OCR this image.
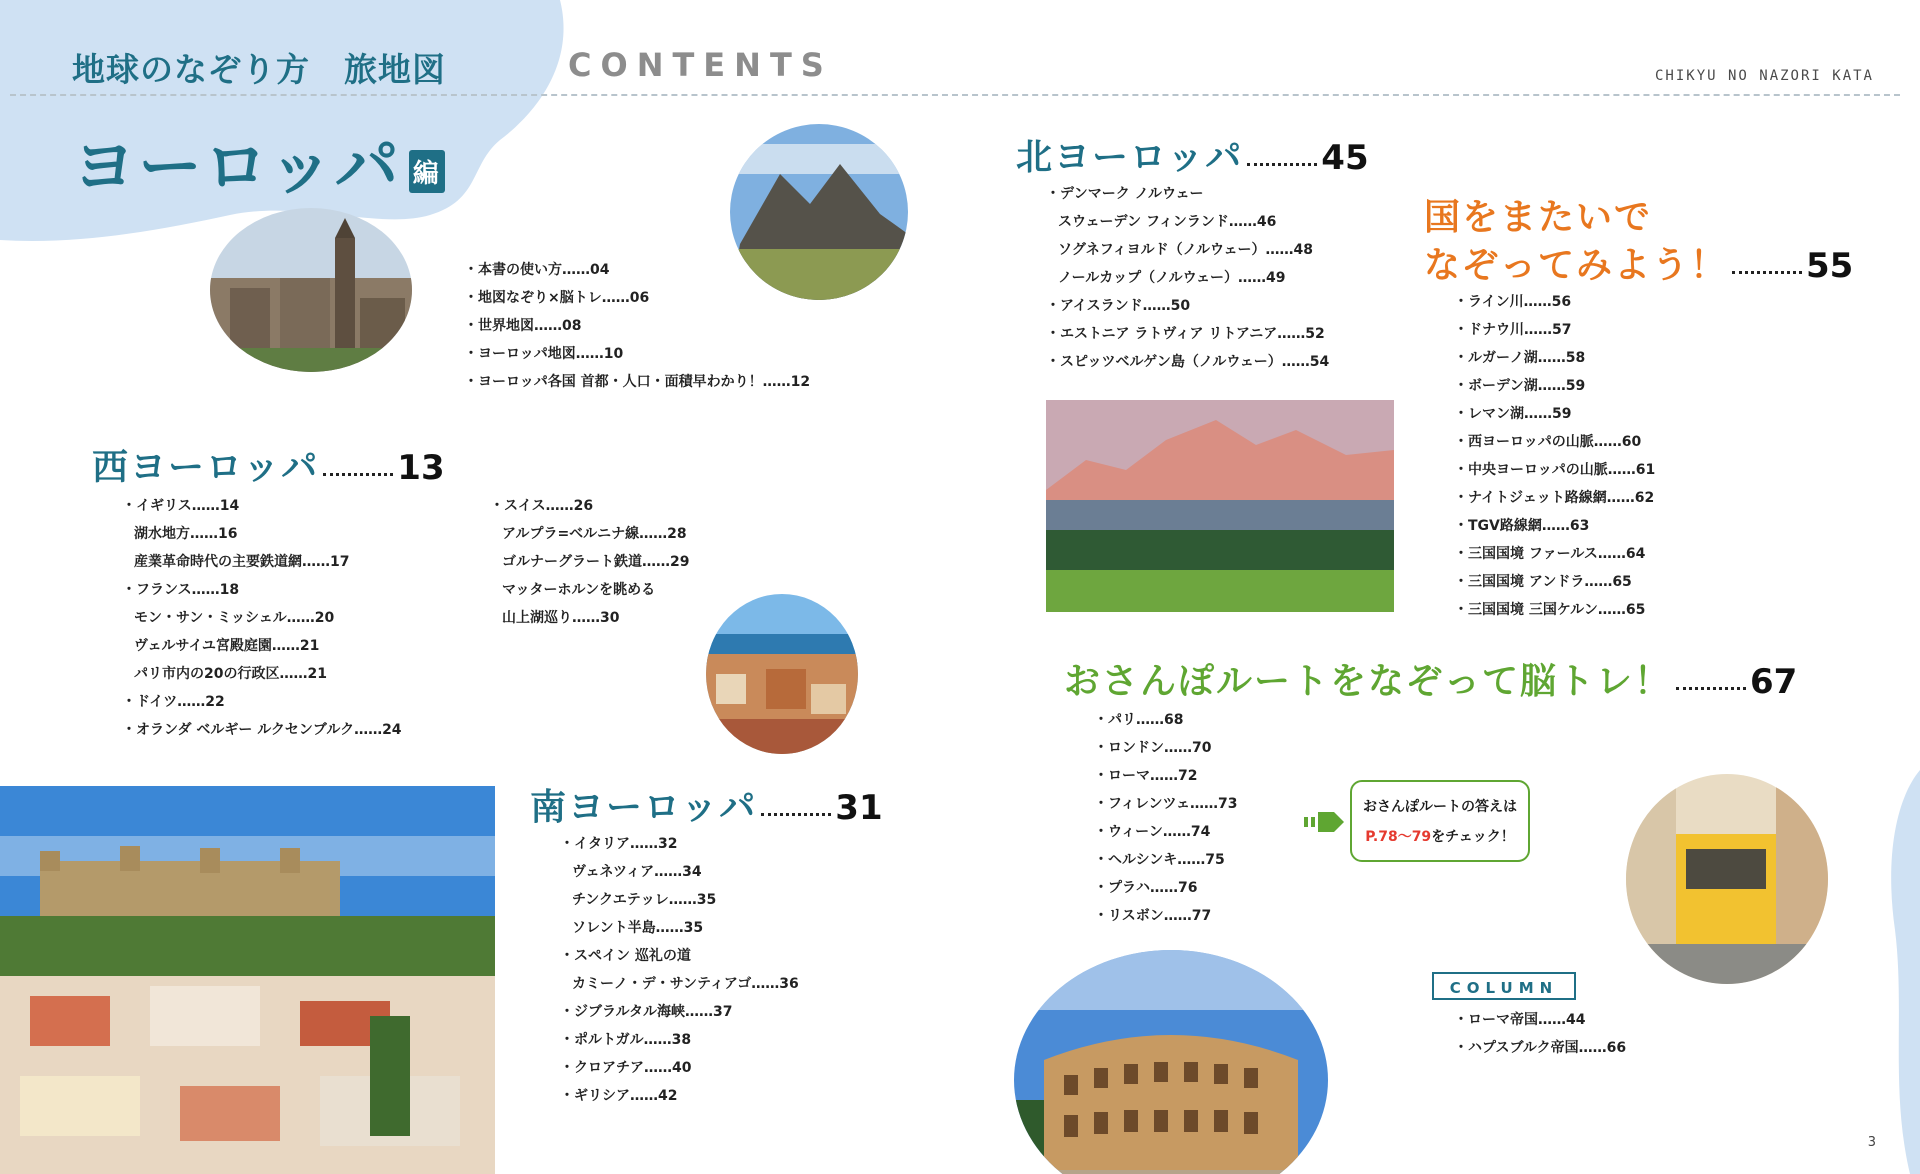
地球のなぞり方　旅地図	CONTENTS	CHIKYU NO NAZORI KATA
ヨーロッパ 編
・ 本書の使い方……04
・ 地図なぞり×脳トレ……06
・ 世界地図……08
・ ヨーロッパ地図……10
・ ヨーロッパ各国 首都・人口・面積早わかり！……12
西ヨーロッパ 13
・ イギリス……14
湖水地方……16
産業革命時代の主要鉄道網……17
・ フランス……18
モン・サン・ミッシェル……20
ヴェルサイユ宮殿庭園……21
パリ市内の20の行政区……21
・ ドイツ……22
・ オランダ ベルギー ルクセンブルク……24
・ スイス……26
アルプラ=ベルニナ線……28
ゴルナーグラート鉄道……29
マッターホルンを眺める
山上湖巡り……30
南ヨーロッパ 31
・ イタリア……32
ヴェネツィア……34
チンクエテッレ……35
ソレント半島……35
・ スペイン 巡礼の道
カミーノ・デ・サンティアゴ……36
・ ジブラルタル海峡……37
・ ポルトガル……38
・ クロアチア……40
・ ギリシア……42
北ヨーロッパ 45
・ デンマーク ノルウェー
スウェーデン フィンランド……46
ソグネフィヨルド（ノルウェー）……48
ノールカップ（ノルウェー）……49
・ アイスランド……50
・ エストニア ラトヴィア リトアニア……52
・ スピッツベルゲン島（ノルウェー）……54
国をまたいで
なぞってみよう！ 55
・ ライン川……56
・ ドナウ川……57
・ ルガーノ湖……58
・ ボーデン湖……59
・ レマン湖……59
・ 西ヨーロッパの山脈……60
・ 中央ヨーロッパの山脈……61
・ ナイトジェット路線網……62
・ TGV路線網……63
・ 三国国境 ファールス……64
・ 三国国境 アンドラ……65
・ 三国国境 三国ケルン……65
おさんぽルートをなぞって脳トレ！ 67
・ パリ……68
・ ロンドン……70
・ ローマ……72
・ フィレンツェ……73
・ ウィーン……74
・ ヘルシンキ……75
・ プラハ……76
・ リスボン……77
おさんぽルートの答えは
P.78～79をチェック！
COLUMN
・ ローマ帝国……44
・ ハプスブルク帝国……66
3
